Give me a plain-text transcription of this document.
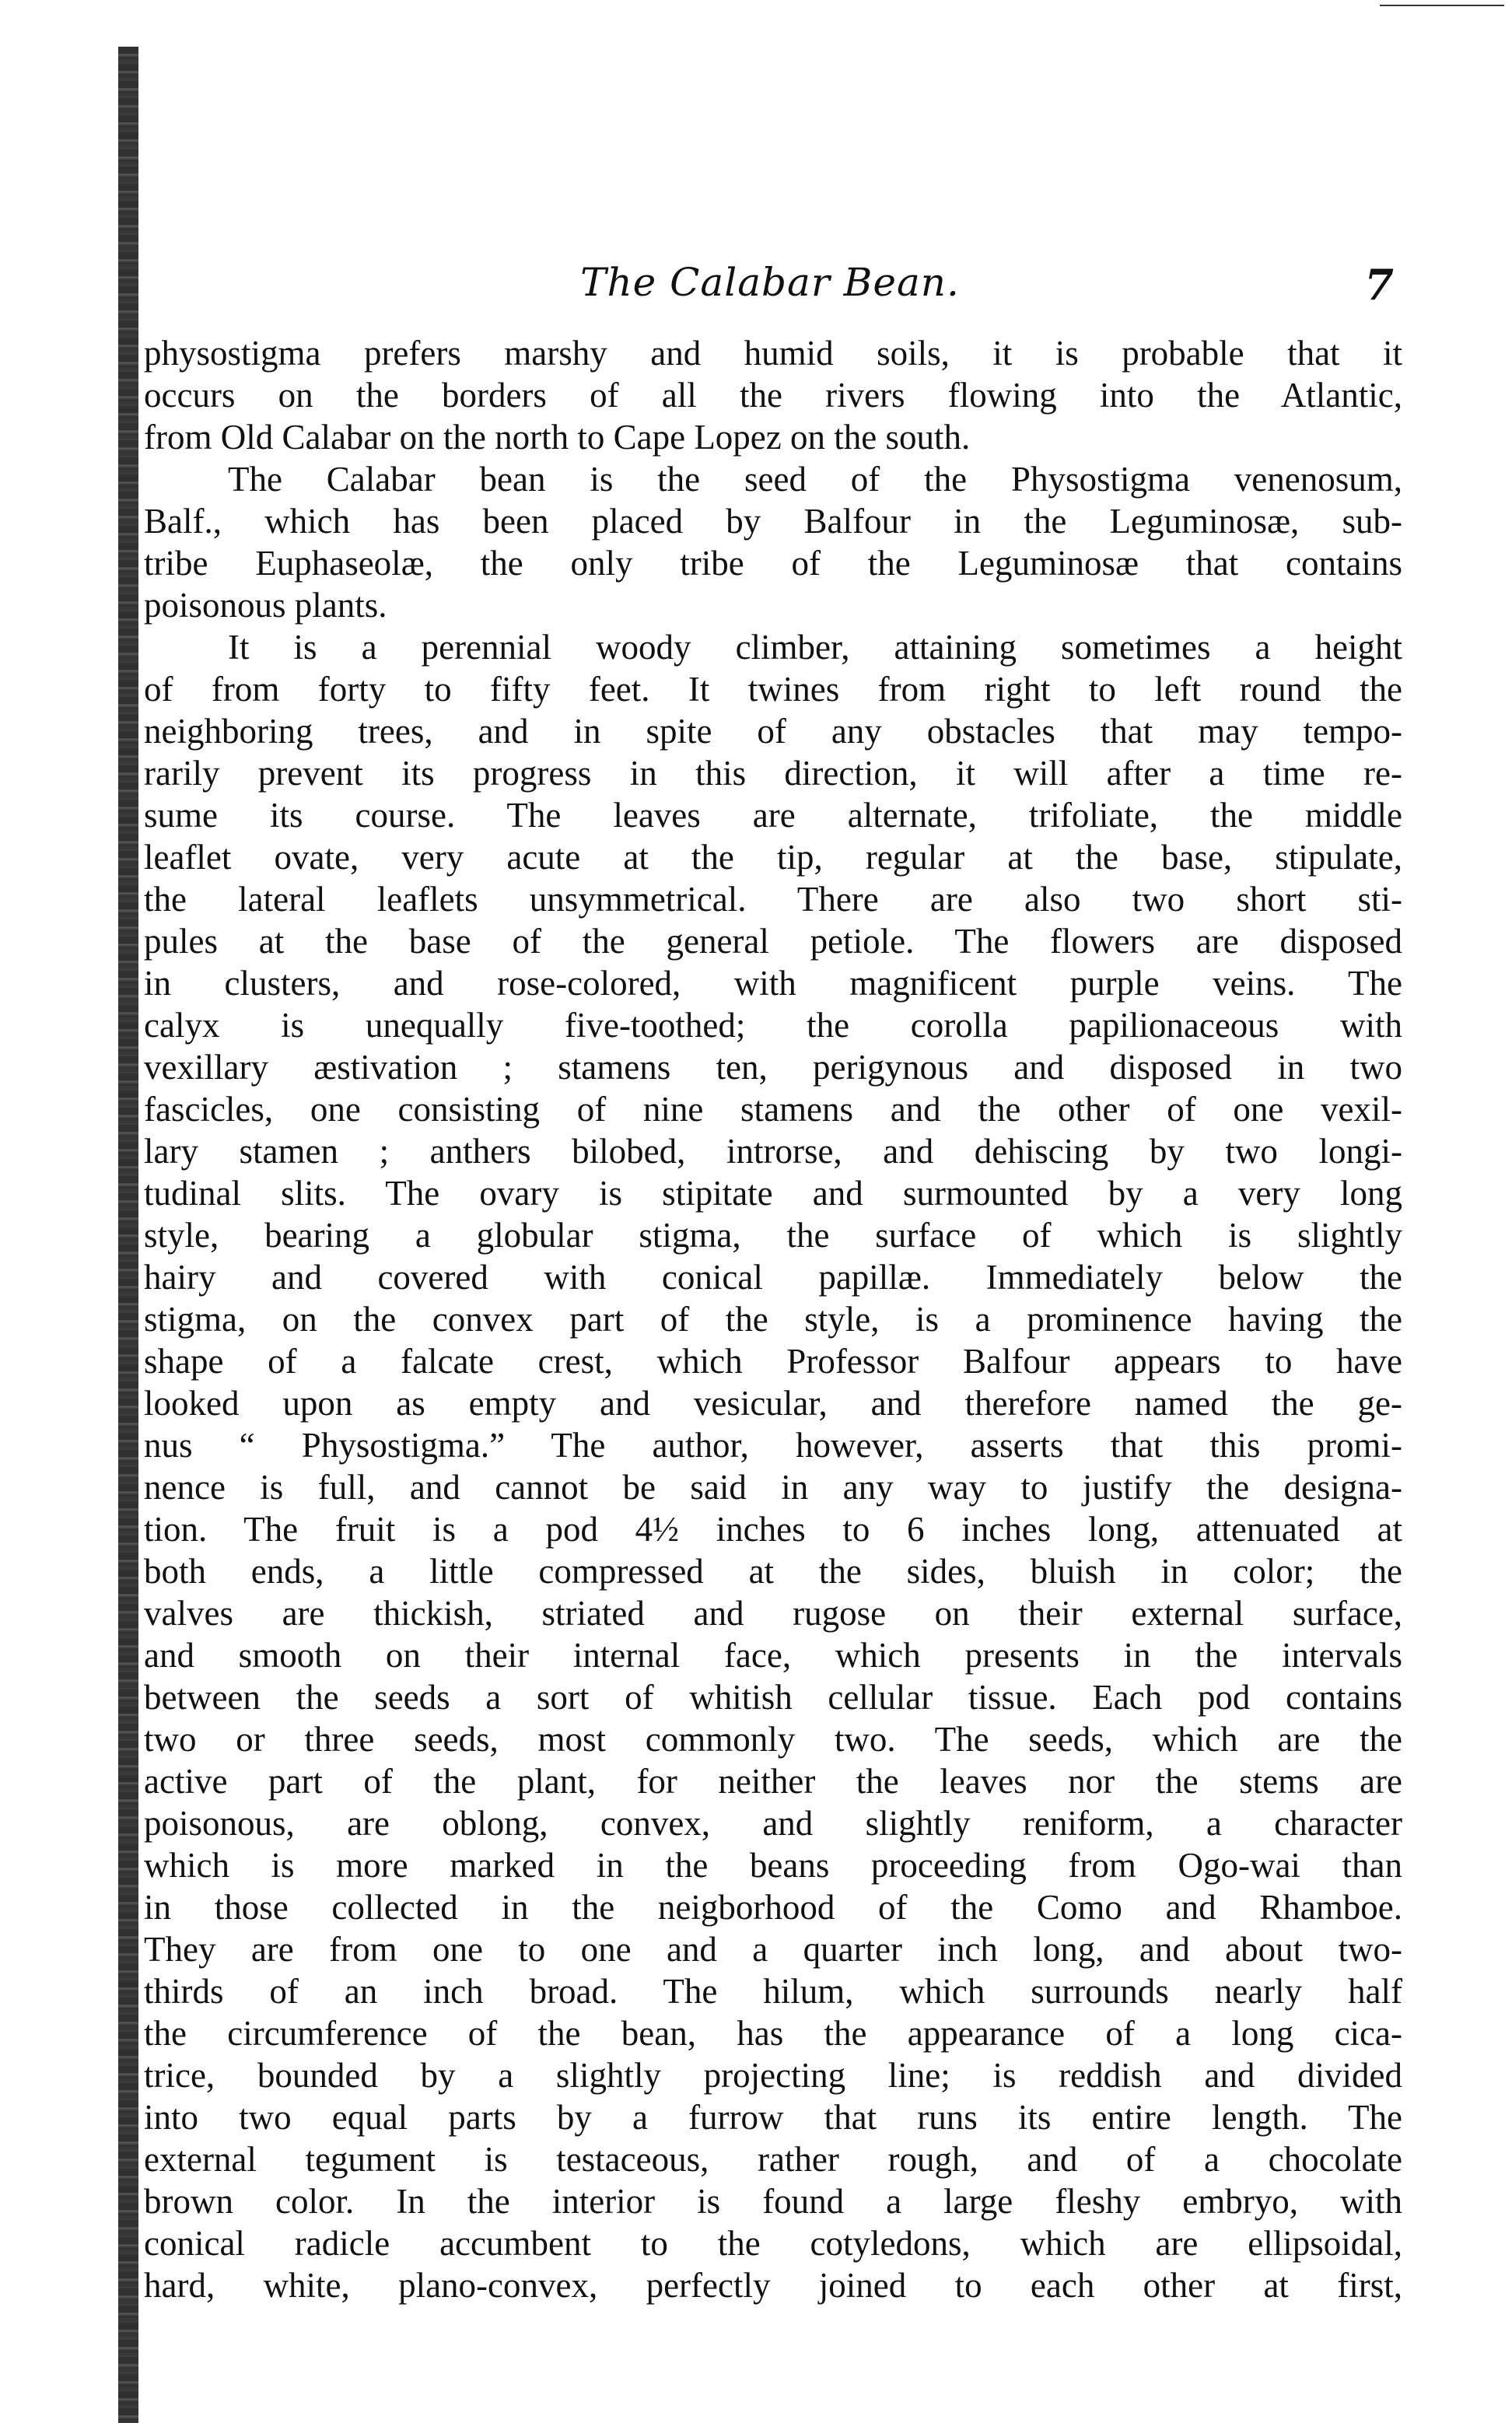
The Calabar Bean.	7
physostigma prefers marshy and humid soils, it is probable that it
occurs on the borders of all the rivers flowing into the Atlantic,
from Old Calabar on the north to Cape Lopez on the south.
The Calabar bean is the seed of the Physostigma venenosum,
Balf., which has been placed by Balfour in the Leguminosæ, sub-
tribe Euphaseolæ, the only tribe of the Leguminosæ that contains
poisonous plants.
It is a perennial woody climber, attaining sometimes a height
of from forty to fifty feet. It twines from right to left round the
neighboring trees, and in spite of any obstacles that may tempo-
rarily prevent its progress in this direction, it will after a time re-
sume its course. The leaves are alternate, trifoliate, the middle
leaflet ovate, very acute at the tip, regular at the base, stipulate,
the lateral leaflets unsymmetrical. There are also two short sti-
pules at the base of the general petiole. The flowers are disposed
in clusters, and rose-colored, with magnificent purple veins. The
calyx is unequally five-toothed; the corolla papilionaceous with
vexillary æstivation ; stamens ten, perigynous and disposed in two
fascicles, one consisting of nine stamens and the other of one vexil-
lary stamen ; anthers bilobed, introrse, and dehiscing by two longi-
tudinal slits. The ovary is stipitate and surmounted by a very long
style, bearing a globular stigma, the surface of which is slightly
hairy and covered with conical papillæ. Immediately below the
stigma, on the convex part of the style, is a prominence having the
shape of a falcate crest, which Professor Balfour appears to have
looked upon as empty and vesicular, and therefore named the ge-
nus “ Physostigma.” The author, however, asserts that this promi-
nence is full, and cannot be said in any way to justify the designa-
tion. The fruit is a pod 4½ inches to 6 inches long, attenuated at
both ends, a little compressed at the sides, bluish in color; the
valves are thickish, striated and rugose on their external surface,
and smooth on their internal face, which presents in the intervals
between the seeds a sort of whitish cellular tissue. Each pod contains
two or three seeds, most commonly two. The seeds, which are the
active part of the plant, for neither the leaves nor the stems are
poisonous, are oblong, convex, and slightly reniform, a character
which is more marked in the beans proceeding from Ogo-wai than
in those collected in the neigborhood of the Como and Rhamboe.
They are from one to one and a quarter inch long, and about two-
thirds of an inch broad. The hilum, which surrounds nearly half
the circumference of the bean, has the appearance of a long cica-
trice, bounded by a slightly projecting line; is reddish and divided
into two equal parts by a furrow that runs its entire length. The
external tegument is testaceous, rather rough, and of a chocolate
brown color. In the interior is found a large fleshy embryo, with
conical radicle accumbent to the cotyledons, which are ellipsoidal,
hard, white, plano-convex, perfectly joined to each other at first,
